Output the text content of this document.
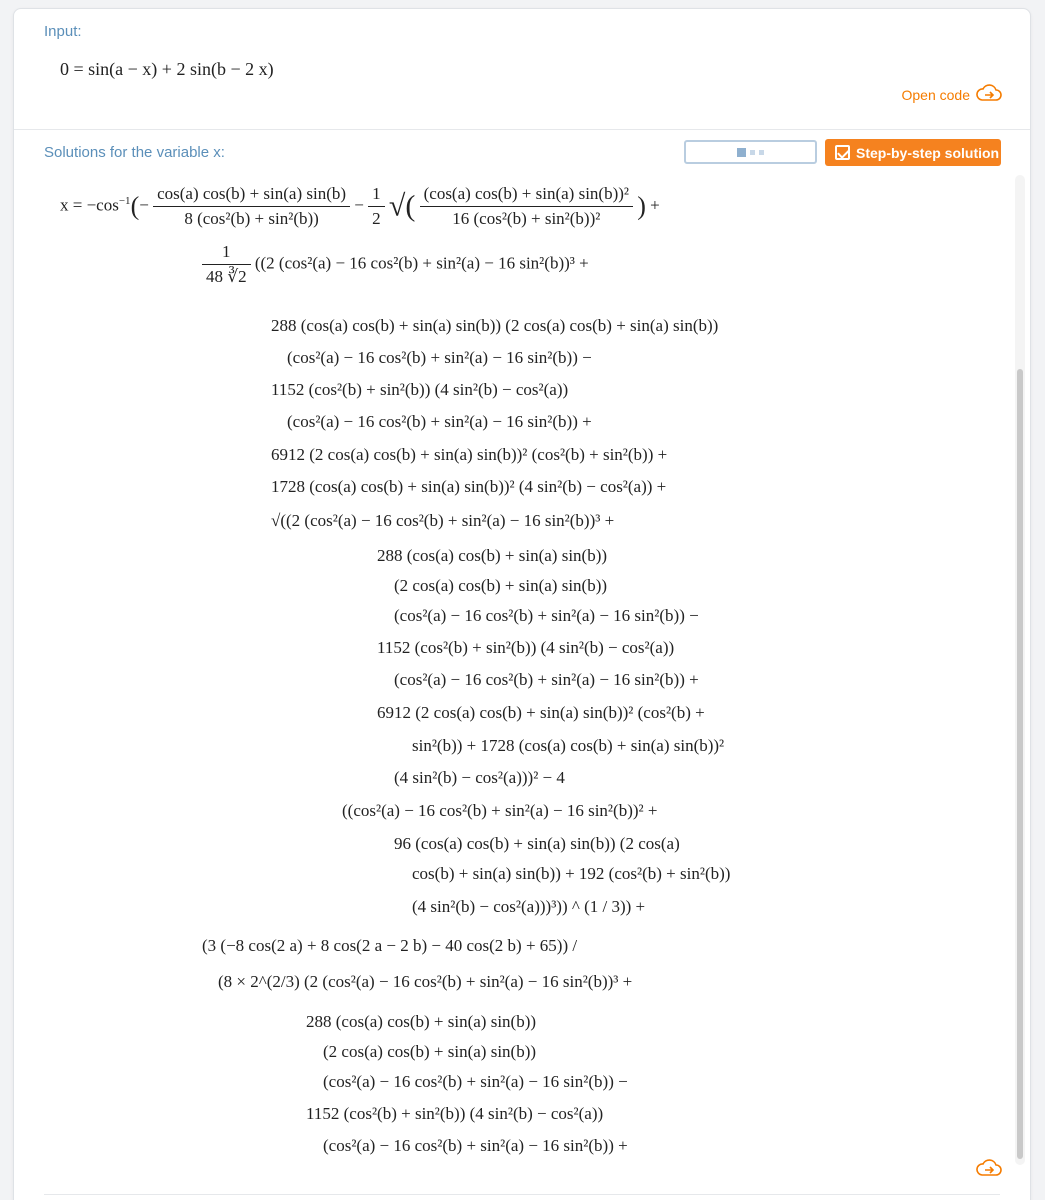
Input:
0 = sin(a − x) + 2 sin(b − 2 x)
Open code
Solutions for the variable x:	Step-by-step solution
$x = -\cos^{-1}(- \frac{\cos(a) \cos(b) + \sin(a) \sin(b)}{\text{8 (cos²(b) + sin²(b))}} - \frac{1}{2}$ √( $\frac{\text{(cos(a) cos(b) + sin(a) sin(b))²}}{\text{16 (cos²(b) + sin²(b))²}}$ ) +
$\frac{1}{48 ∛2} ((2$ (cos²(a) − 16 cos²(b) + sin²(a) − 16 sin²(b))³ +
288 (cos(a) cos(b) + sin(a) sin(b)) (2 cos(a) cos(b) + sin(a) sin(b))
(cos²(a) − 16 cos²(b) + sin²(a) − 16 sin²(b)) −
1152 (cos²(b) + sin²(b)) (4 sin²(b) − cos²(a))
(cos²(a) − 16 cos²(b) + sin²(a) − 16 sin²(b)) +
6912 (2 cos(a) cos(b) + sin(a) sin(b))² (cos²(b) + sin²(b)) +
1728 (cos(a) cos(b) + sin(a) sin(b))² (4 sin²(b) − cos²(a)) +
√((2 (cos²(a) − 16 cos²(b) + sin²(a) − 16 sin²(b))³ +
288 (cos(a) cos(b) + sin(a) sin(b))
(2 cos(a) cos(b) + sin(a) sin(b))
(cos²(a) − 16 cos²(b) + sin²(a) − 16 sin²(b)) −
1152 (cos²(b) + sin²(b)) (4 sin²(b) − cos²(a))
(cos²(a) − 16 cos²(b) + sin²(a) − 16 sin²(b)) +
6912 (2 cos(a) cos(b) + sin(a) sin(b))² (cos²(b) +
sin²(b)) + 1728 (cos(a) cos(b) + sin(a) sin(b))²
(4 sin²(b) − cos²(a)))² − 4
((cos²(a) − 16 cos²(b) + sin²(a) − 16 sin²(b))² +
96 (cos(a) cos(b) + sin(a) sin(b)) (2 cos(a)
cos(b) + sin(a) sin(b)) + 192 (cos²(b) + sin²(b))
(4 sin²(b) − cos²(a)))³)) ^ (1 / 3)) +
(3 (−8 cos(2 a) + 8 cos(2 a − 2 b) − 40 cos(2 b) + 65)) /
(8 × 2^(2/3) (2 (cos²(a) − 16 cos²(b) + sin²(a) − 16 sin²(b))³ +
288 (cos(a) cos(b) + sin(a) sin(b))
(2 cos(a) cos(b) + sin(a) sin(b))
(cos²(a) − 16 cos²(b) + sin²(a) − 16 sin²(b)) −
1152 (cos²(b) + sin²(b)) (4 sin²(b) − cos²(a))
(cos²(a) − 16 cos²(b) + sin²(a) − 16 sin²(b)) +
